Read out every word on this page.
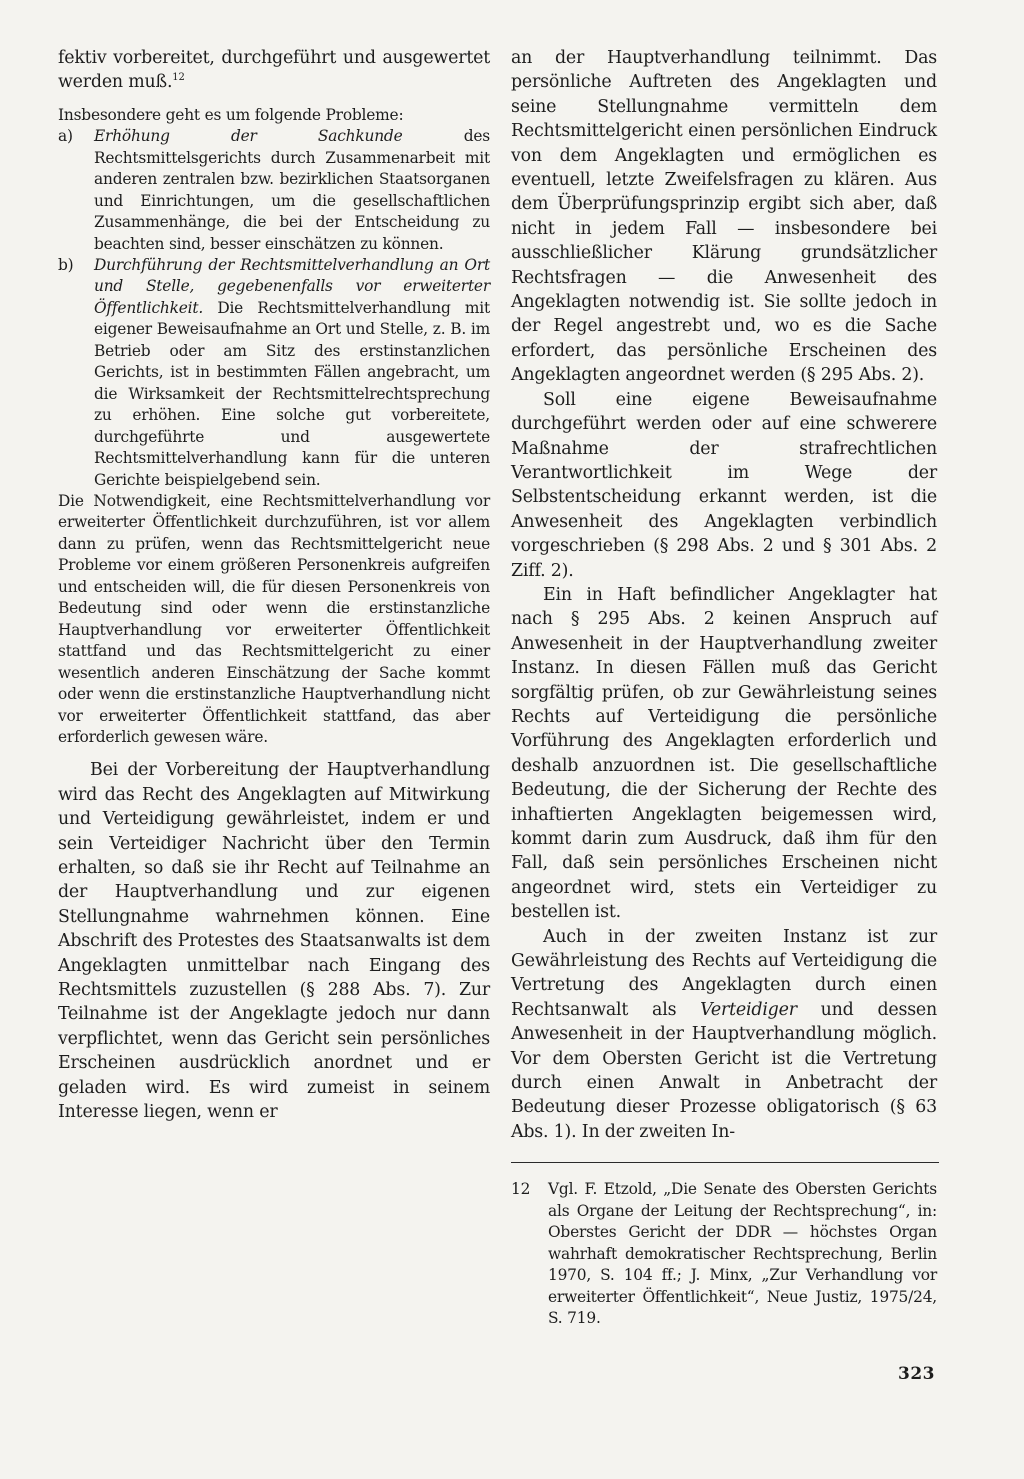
fektiv vorbereitet, durchgeführt und ausgewertet werden muß.$^{12}$

Insbesondere geht es um folgende Probleme:

a) Erhöhung der Sachkunde des Rechtsmittelsgerichts durch Zusammenarbeit mit anderen zentralen bzw. bezirklichen Staatsorganen und Einrichtungen, um die gesellschaftlichen Zusammenhänge, die bei der Entscheidung zu beachten sind, besser einschätzen zu können.

b) Durchführung der Rechtsmittelverhandlung an Ort und Stelle, gegebenenfalls vor erweiterter Öffentlichkeit. Die Rechtsmittelverhandlung mit eigener Beweisaufnahme an Ort und Stelle, z. B. im Betrieb oder am Sitz des erstinstanzlichen Gerichts, ist in bestimmten Fällen angebracht, um die Wirksamkeit der Rechtsmittelrechtsprechung zu erhöhen. Eine solche gut vorbereitete, durchgeführte und ausgewertete Rechtsmittelverhandlung kann für die unteren Gerichte beispielgebend sein.

Die Notwendigkeit, eine Rechtsmittelverhandlung vor erweiterter Öffentlichkeit durchzuführen, ist vor allem dann zu prüfen, wenn das Rechtsmittelgericht neue Probleme vor einem größeren Personenkreis aufgreifen und entscheiden will, die für diesen Personenkreis von Bedeutung sind oder wenn die erstinstanzliche Hauptverhandlung vor erweiterter Öffentlichkeit stattfand und das Rechtsmittelgericht zu einer wesentlich anderen Einschätzung der Sache kommt oder wenn die erstinstanzliche Hauptverhandlung nicht vor erweiterter Öffentlichkeit stattfand, das aber erforderlich gewesen wäre.

Bei der Vorbereitung der Hauptverhandlung wird das Recht des Angeklagten auf Mitwirkung und Verteidigung gewährleistet, indem er und sein Verteidiger Nachricht über den Termin erhalten, so daß sie ihr Recht auf Teilnahme an der Hauptverhandlung und zur eigenen Stellungnahme wahrnehmen können. Eine Abschrift des Protestes des Staatsanwalts ist dem Angeklagten unmittelbar nach Eingang des Rechtsmittels zuzustellen (§ 288 Abs. 7). Zur Teilnahme ist der Angeklagte jedoch nur dann verpflichtet, wenn das Gericht sein persönliches Erscheinen ausdrücklich anordnet und er geladen wird. Es wird zumeist in seinem Interesse liegen, wenn er

an der Hauptverhandlung teilnimmt. Das persönliche Auftreten des Angeklagten und seine Stellungnahme vermitteln dem Rechtsmittelgericht einen persönlichen Eindruck von dem Angeklagten und ermöglichen es eventuell, letzte Zweifelsfragen zu klären. Aus dem Überprüfungsprinzip ergibt sich aber, daß nicht in jedem Fall — insbesondere bei ausschließlicher Klärung grundsätzlicher Rechtsfragen — die Anwesenheit des Angeklagten notwendig ist. Sie sollte jedoch in der Regel angestrebt und, wo es die Sache erfordert, das persönliche Erscheinen des Angeklagten angeordnet werden (§ 295 Abs. 2).

Soll eine eigene Beweisaufnahme durchgeführt werden oder auf eine schwerere Maßnahme der strafrechtlichen Verantwortlichkeit im Wege der Selbstentscheidung erkannt werden, ist die Anwesenheit des Angeklagten verbindlich vorgeschrieben (§ 298 Abs. 2 und § 301 Abs. 2 Ziff. 2).

Ein in Haft befindlicher Angeklagter hat nach § 295 Abs. 2 keinen Anspruch auf Anwesenheit in der Hauptverhandlung zweiter Instanz. In diesen Fällen muß das Gericht sorgfältig prüfen, ob zur Gewährleistung seines Rechts auf Verteidigung die persönliche Vorführung des Angeklagten erforderlich und deshalb anzuordnen ist. Die gesellschaftliche Bedeutung, die der Sicherung der Rechte des inhaftierten Angeklagten beigemessen wird, kommt darin zum Ausdruck, daß ihm für den Fall, daß sein persönliches Erscheinen nicht angeordnet wird, stets ein Verteidiger zu bestellen ist.

Auch in der zweiten Instanz ist zur Gewährleistung des Rechts auf Verteidigung die Vertretung des Angeklagten durch einen Rechtsanwalt als Verteidiger und dessen Anwesenheit in der Hauptverhandlung möglich. Vor dem Obersten Gericht ist die Vertretung durch einen Anwalt in Anbetracht der Bedeutung dieser Prozesse obligatorisch (§ 63 Abs. 1). In der zweiten In-

12	Vgl. F. Etzold, „Die Senate des Obersten Gerichts als Organe der Leitung der Rechtsprechung“, in: Oberstes Gericht der DDR — höchstes Organ wahrhaft demokratischer Rechtsprechung, Berlin 1970, S. 104 ff.; J. Minx, „Zur Verhandlung vor erweiterter Öffentlichkeit“, Neue Justiz, 1975/24, S. 719.
323
